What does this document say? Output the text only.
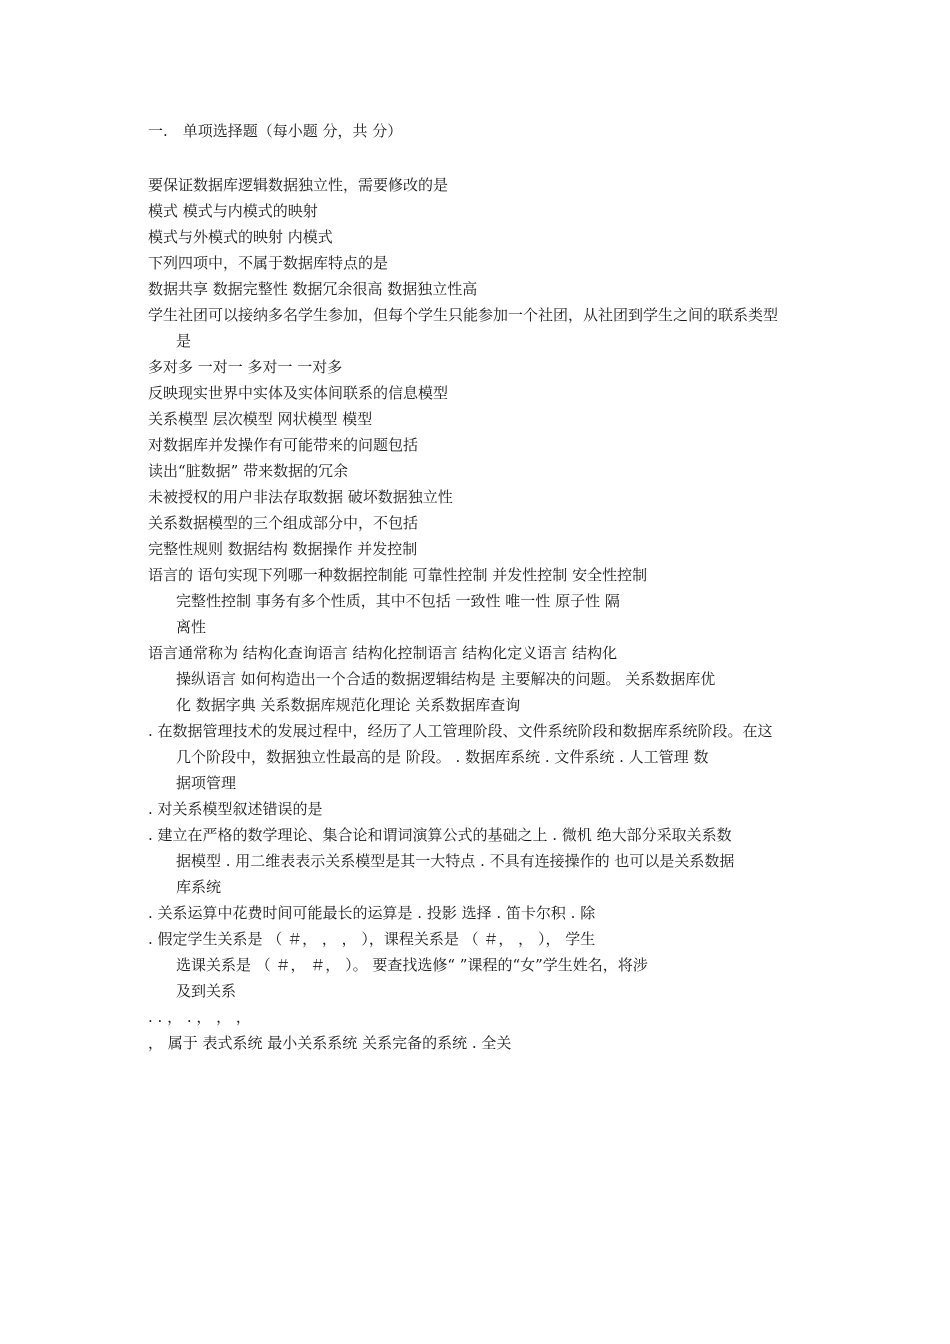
一.　单项选择题（每小题 分，共 分）
要保证数据库逻辑数据独立性，需要修改的是
模式 模式与内模式的映射
模式与外模式的映射 内模式
下列四项中，不属于数据库特点的是
数据共享 数据完整性 数据冗余很高 数据独立性高
学生社团可以接纳多名学生参加，但每个学生只能参加一个社团，从社团到学生之间的联系类型
是
多对多 一对一 多对一 一对多
反映现实世界中实体及实体间联系的信息模型
关系模型 层次模型 网状模型 模型
对数据库并发操作有可能带来的问题包括
读出“脏数据” 带来数据的冗余
未被授权的用户非法存取数据 破坏数据独立性
关系数据模型的三个组成部分中，不包括
完整性规则 数据结构 数据操作 并发控制
语言的 语句实现下列哪一种数据控制能 可靠性控制 并发性控制 安全性控制
完整性控制 事务有多个性质，其中不包括 一致性 唯一性 原子性 隔
离性
语言通常称为 结构化查询语言 结构化控制语言 结构化定义语言 结构化
操纵语言 如何构造出一个合适的数据逻辑结构是 主要解决的问题。 关系数据库优
化 数据字典 关系数据库规范化理论 关系数据库查询
. 在数据管理技术的发展过程中，经历了人工管理阶段、文件系统阶段和数据库系统阶段。在这
几个阶段中，数据独立性最高的是 阶段。 . 数据库系统 . 文件系统 . 人工管理 数
据项管理
. 对关系模型叙述错误的是
. 建立在严格的数学理论、集合论和谓词演算公式的基础之上 . 微机 绝大部分采取关系数
据模型 . 用二维表表示关系模型是其一大特点 . 不具有连接操作的 也可以是关系数据
库系统
. 关系运算中花费时间可能最长的运算是 . 投影 选择 . 笛卡尔积 . 除
. 假定学生关系是 （ ＃， ， ， ），课程关系是 （ ＃， ， ）， 学生
选课关系是 （ ＃， ＃， ）。 要查找选修“ ”课程的“女”学生姓名，将涉
及到关系
. . ， . ， ， ，
， 属于 表式系统 最小关系系统 关系完备的系统 . 全关
